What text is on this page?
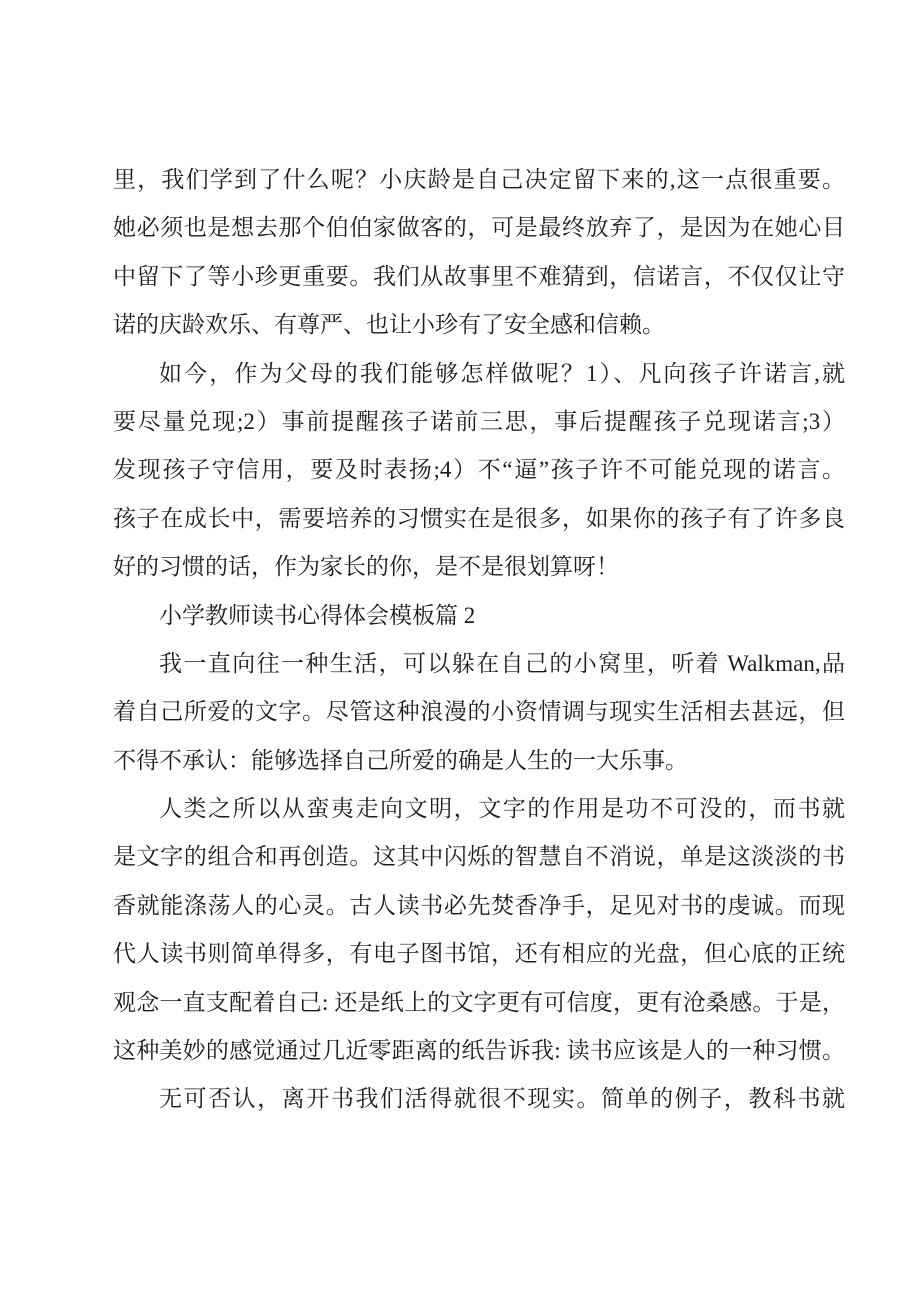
里，我们学到了什么呢？小庆龄是自己决定留下来的,这一点很重要。
她必须也是想去那个伯伯家做客的，可是最终放弃了，是因为在她心目
中留下了等小珍更重要。我们从故事里不难猜到，信诺言，不仅仅让守
诺的庆龄欢乐、有尊严、也让小珍有了安全感和信赖。
如今，作为父母的我们能够怎样做呢？1）、凡向孩子许诺言,就
要尽量兑现;2）事前提醒孩子诺前三思，事后提醒孩子兑现诺言;3）
发现孩子守信用，要及时表扬;4）不“逼”孩子许不可能兑现的诺言。
孩子在成长中，需要培养的习惯实在是很多，如果你的孩子有了许多良
好的习惯的话，作为家长的你，是不是很划算呀！
小学教师读书心得体会模板篇 2
我一直向往一种生活，可以躲在自己的小窝里，听着 Walkman,品
着自己所爱的文字。尽管这种浪漫的小资情调与现实生活相去甚远，但
不得不承认：能够选择自己所爱的确是人生的一大乐事。
人类之所以从蛮夷走向文明，文字的作用是功不可没的，而书就
是文字的组合和再创造。这其中闪烁的智慧自不消说，单是这淡淡的书
香就能涤荡人的心灵。古人读书必先焚香净手，足见对书的虔诚。而现
代人读书则简单得多，有电子图书馆，还有相应的光盘，但心底的正统
观念一直支配着自己: 还是纸上的文字更有可信度，更有沧桑感。于是，
这种美妙的感觉通过几近零距离的纸告诉我: 读书应该是人的一种习惯。
无可否认，离开书我们活得就很不现实。简单的例子，教科书就
